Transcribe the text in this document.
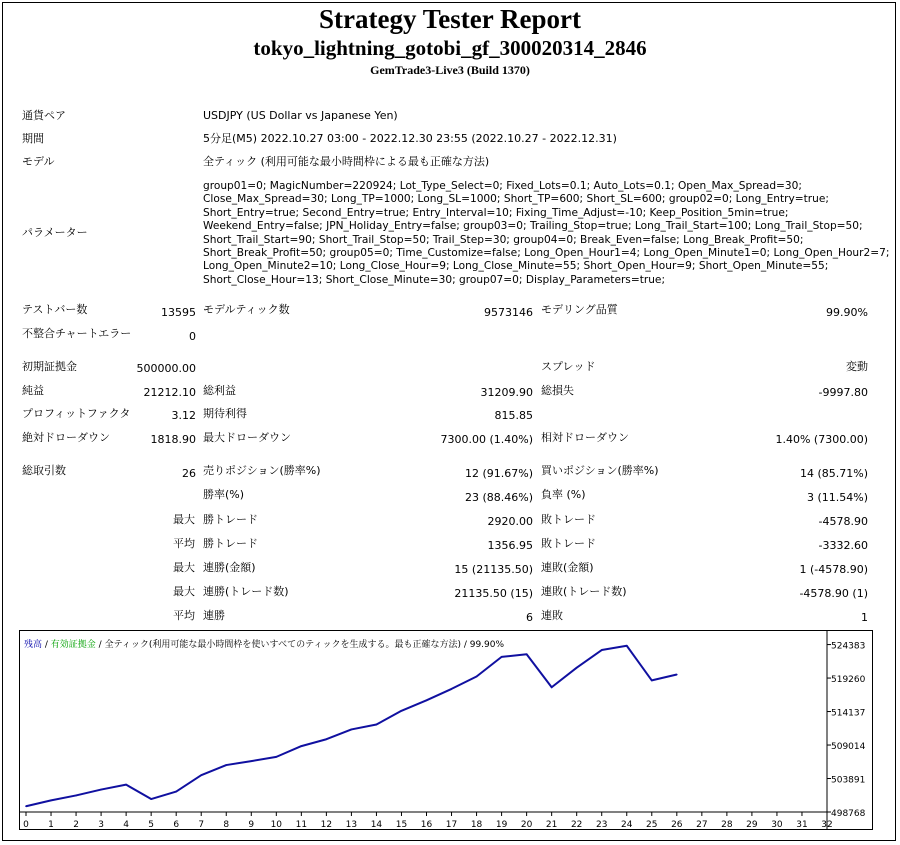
Strategy Tester Report
tokyo_lightning_gotobi_gf_300020314_2846
GemTrade3-Live3 (Build 1370)
通貨ペア	USDJPY (US Dollar vs Japanese Yen)
期間	5分足(M5) 2022.10.27 03:00 - 2022.12.30 23:55 (2022.10.27 - 2022.12.31)
モデル	全ティック (利用可能な最小時間枠による最も正確な方法)
パラメーター
group01=0; MagicNumber=220924; Lot_Type_Select=0; Fixed_Lots=0.1; Auto_Lots=0.1; Open_Max_Spread=30; Close_Max_Spread=30; Long_TP=1000; Long_SL=1000; Short_TP=600; Short_SL=600; group02=0; Long_Entry=true; Short_Entry=true; Second_Entry=true; Entry_Interval=10; Fixing_Time_Adjust=-10; Keep_Position_5min=true; Weekend_Entry=false; JPN_Holiday_Entry=false; group03=0; Trailing_Stop=true; Long_Trail_Start=100; Long_Trail_Stop=50; Short_Trail_Start=90; Short_Trail_Stop=50; Trail_Step=30; group04=0; Break_Even=false; Long_Break_Profit=50; Short_Break_Profit=50; group05=0; Time_Customize=false; Long_Open_Hour1=4; Long_Open_Minute1=0; Long_Open_Hour2=7; Long_Open_Minute2=10; Long_Close_Hour=9; Long_Close_Minute=55; Short_Open_Hour=9; Short_Open_Minute=55; Short_Close_Hour=13; Short_Close_Minute=30; group07=0; Display_Parameters=true;
テストバー数	13595 モデルティック数	9573146 モデリング品質	99.90%
不整合チャートエラー	0
初期証拠金	500000.00	スプレッド	変動
純益	21212.10 総利益	31209.90 総損失	-9997.80
プロフィットファクタ	3.12 期待利得	815.85
絶対ドローダウン	1818.90 最大ドローダウン	7300.00 (1.40%) 相対ドローダウン	1.40% (7300.00)
総取引数	26 売りポジション(勝率%)	12 (91.67%) 買いポジション(勝率%)	14 (85.71%)
勝率(%)	23 (88.46%) 負率 (%)	3 (11.54%)
最大 勝トレード	2920.00 敗トレード	-4578.90
平均 勝トレード	1356.95 敗トレード	-3332.60
最大 連勝(金額)	15 (21135.50) 連敗(金額)	1 (-4578.90)
最大 連勝(トレード数)	21135.50 (15) 連敗(トレード数)	-4578.90 (1)
平均 連勝	6 連敗	1
524383
519260
514137
509014
503891
498768
0 1 2 3 4 5 6 7 8 9 10 11 12 13 14 15 16 17 18 19 20 21 22 23 24 25 26 27 28 29 30 31 32
残高 / 有効証拠金 / 全ティック(利用可能な最小時間枠を使いすべてのティックを生成する。最も正確な方法) / 99.90%
